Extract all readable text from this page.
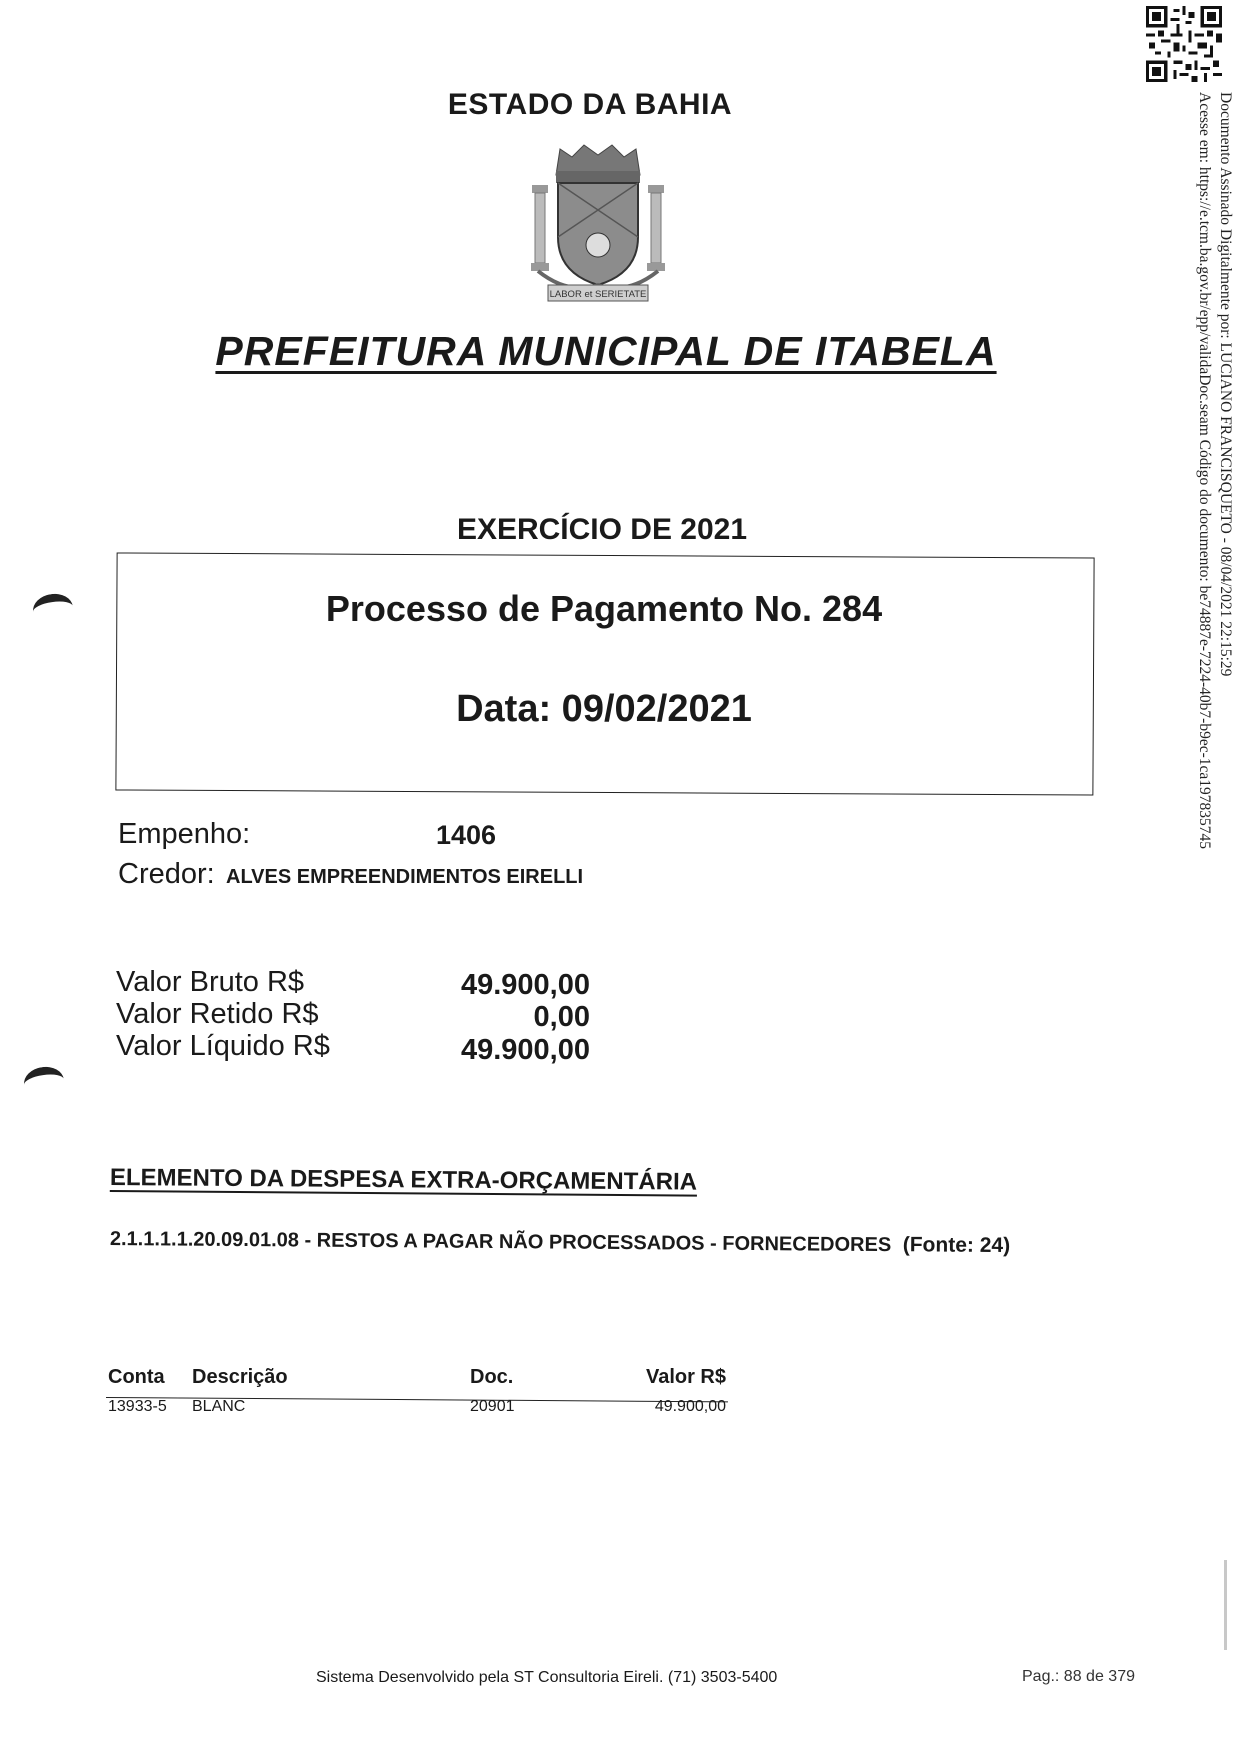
ESTADO DA BAHIA
LABOR et SERIETATE
PREFEITURA MUNICIPAL DE ITABELA
EXERCÍCIO DE 2021
Processo de Pagamento No. 284
Data: 09/02/2021
Empenho:	1406
Credor: ALVES EMPREENDIMENTOS EIRELLI
Valor Bruto R$	49.900,00
Valor Retido R$	0,00
Valor Líquido R$	49.900,00
ELEMENTO DA DESPESA EXTRA-ORÇAMENTÁRIA
2.1.1.1.1.20.09.01.08 - RESTOS A PAGAR NÃO PROCESSADOS - FORNECEDORES (Fonte: 24)
Conta Descrição	Doc.	Valor R$
13933-5 BLANC	20901	49.900,00
Sistema Desenvolvido pela ST Consultoria Eireli. (71) 3503-5400	Pag.: 88 de 379
Documento Assinado Digitalmente por: LUCIANO FRANCISQUETO - 08/04/2021 22:15:29
Acesse em: https://e.tcm.ba.gov.br/epp/validaDoc.seam Código do documento: be74887e-7224-40b7-b9ec-1ca197835745
